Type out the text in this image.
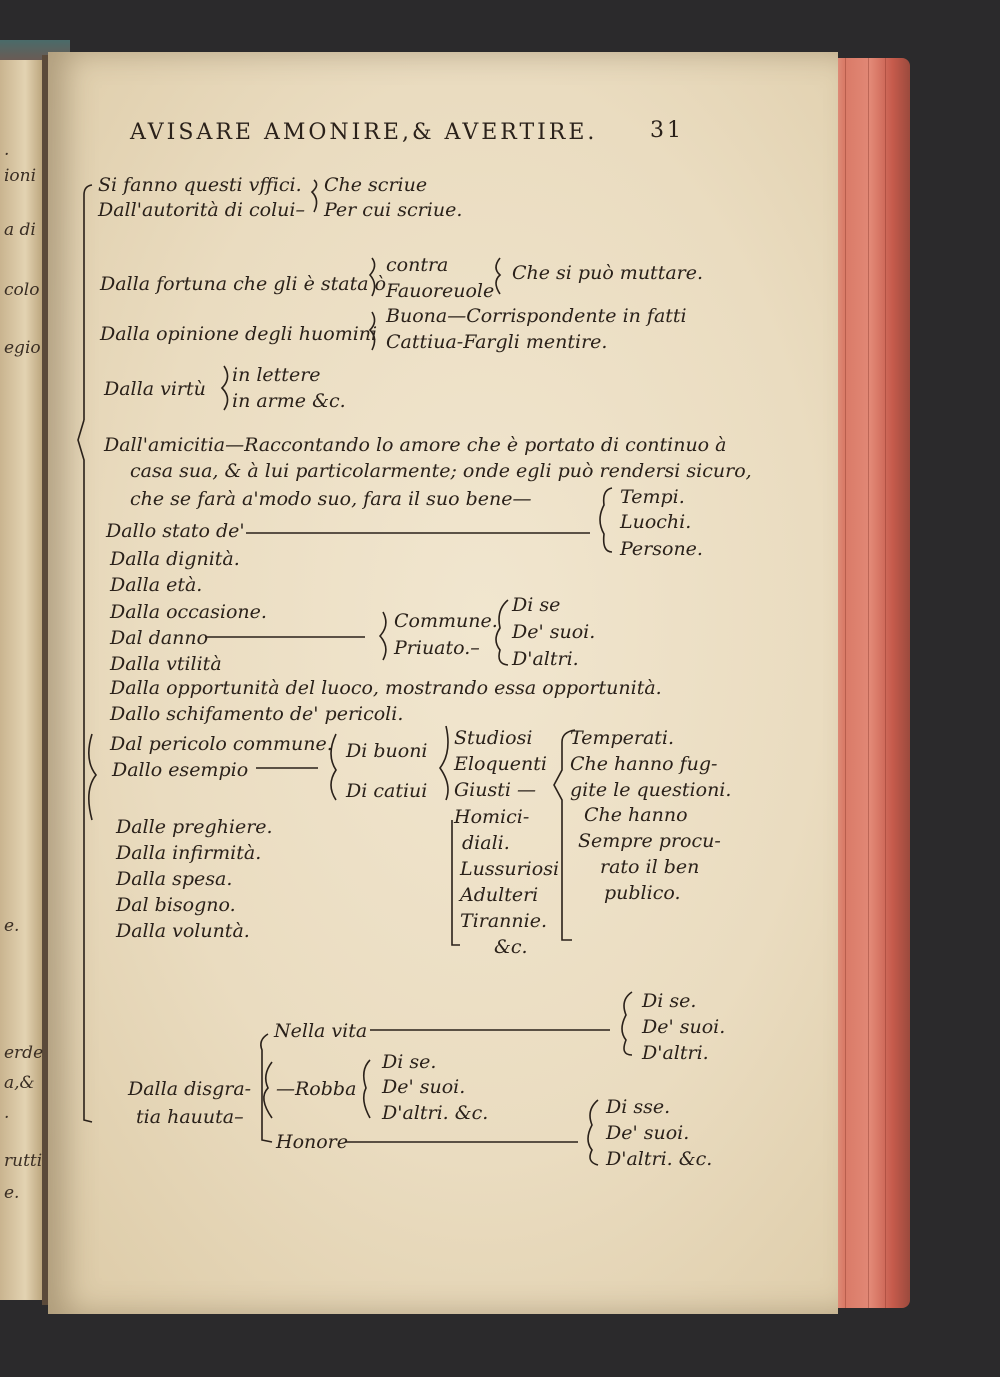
.
ioni
a di
colo
egio
e.
erde
a,&
.
rutti
e.
AVISARE AMONIRE,& AVERTIRE. 31
Si fanno questi vffici. Che scriue
Dall'autorità di colui– Per cui scriue.
Dalla fortuna che gli è stata ò
contra
Fauoreuole
Che si può muttare.
Dalla opinione degli huomini
Buona—Corrispondente in fatti
Cattiua-Fargli mentire.
Dalla virtù
in lettere
in arme &c.
Dall'amicitia—Raccontando lo amore che è portato di continuo à
casa sua, & à lui particolarmente; onde egli può rendersi sicuro,
che se farà a'modo suo, fara il suo bene—
Dallo stato de'
Tempi.
Luochi.
Persone.
Dalla dignità.
Dalla età.
Dalla occasione.
Dal danno
Commune.
Priuato.–
Di se
De' suoi.
D'altri.
Dalla vtilità
Dalla opportunità del luoco, mostrando essa opportunità.
Dallo schifamento de' pericoli.
Dal pericolo commune.
Dallo esempio
Di buoni
Di catiui
Studiosi
Eloquenti
Giusti —
Homici-
diali.
Lussuriosi
Adulteri
Tirannie.
&c.
Temperati.
Che hanno fug-
gite le questioni.
Che hanno
Sempre procu-
rato il ben
publico.
Dalle preghiere.
Dalla infirmità.
Dalla spesa.
Dal bisogno.
Dalla voluntà.
Nella vita
Di se.
De' suoi.
D'altri.
Dalla disgra-
tia hauuta–
—Robba
Di se.
De' suoi.
D'altri. &c.
Honore
Di sse.
De' suoi.
D'altri. &c.
